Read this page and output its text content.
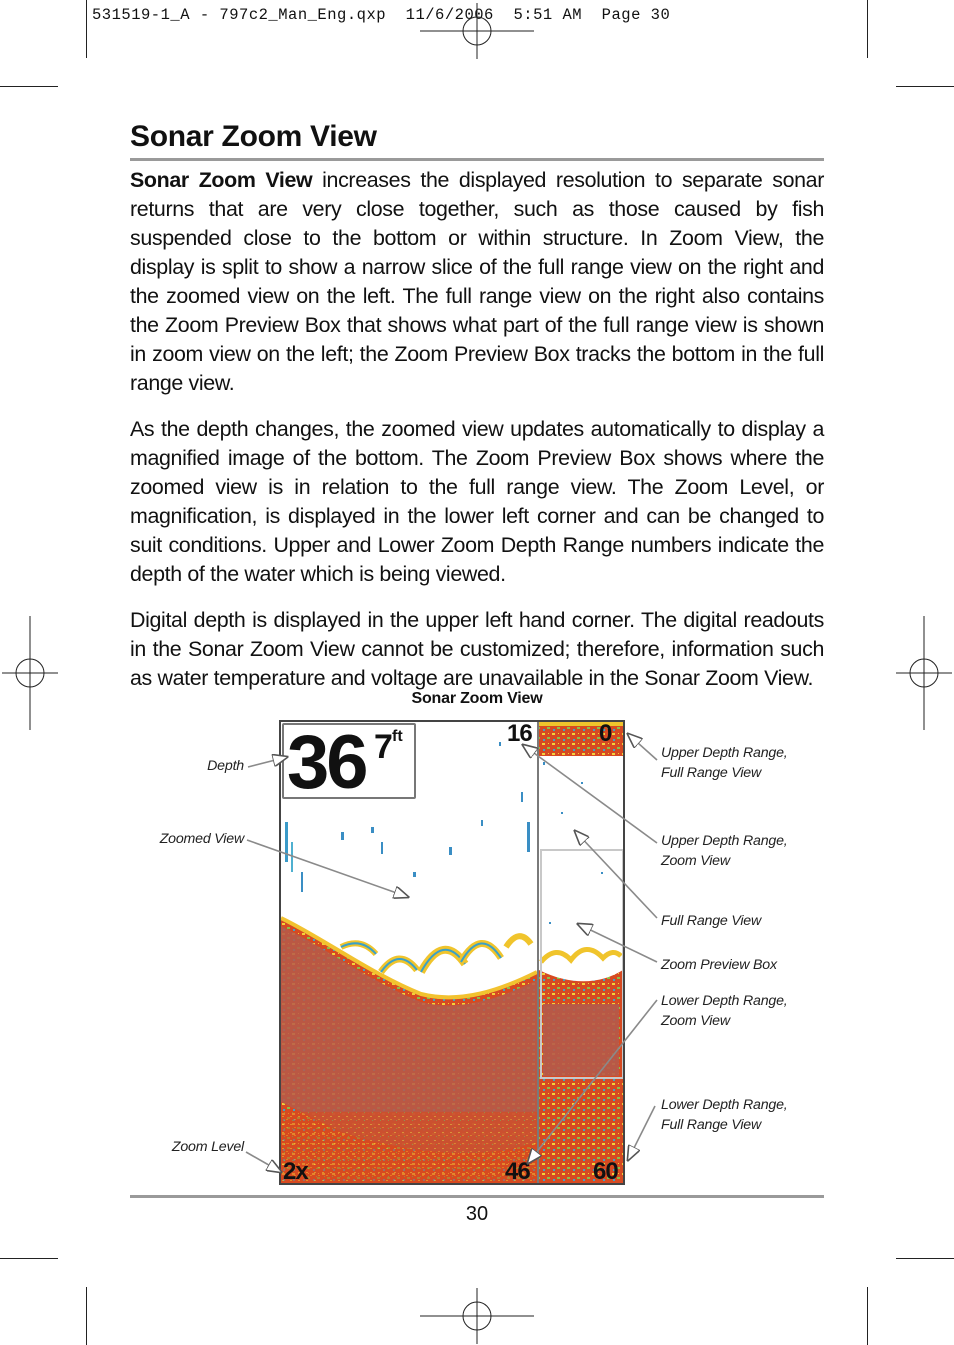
531519-1_A - 797c2_Man_Eng.qxp  11/6/2006  5:51 AM  Page 30
Sonar Zoom View

Sonar Zoom View increases the displayed resolution to separate sonar returns that are very close together, such as those caused by fish suspended close to the bottom or within structure. In Zoom View, the display is split to show a narrow slice of the full range view on the right and the zoomed view on the left. The full range view on the right also contains the Zoom Preview Box that shows what part of the full range view is shown in zoom view on the left; the Zoom Preview Box tracks the bottom in the full range view.

As the depth changes, the zoomed view updates automatically to display a magnified image of the bottom. The Zoom Preview Box shows where the zoomed view is in relation to the full range view. The Zoom Level, or magnification, is displayed in the lower left corner and can be changed to suit conditions. Upper and Lower Zoom Depth Range numbers indicate the depth of the water which is being viewed.

Digital depth is displayed in the upper left hand corner. The digital readouts in the Sonar Zoom View cannot be customized; therefore, information such as water temperature and voltage are unavailable in the Sonar Zoom View.

Sonar Zoom View
36 7 ft	16
46
0
60
2x
Depth
Zoomed View
Zoom Level
Upper Depth Range,
Full Range View
Upper Depth Range,
Zoom View
Full Range View
Zoom Preview Box
Lower Depth Range,
Zoom View
Lower Depth Range,
Full Range View
30
